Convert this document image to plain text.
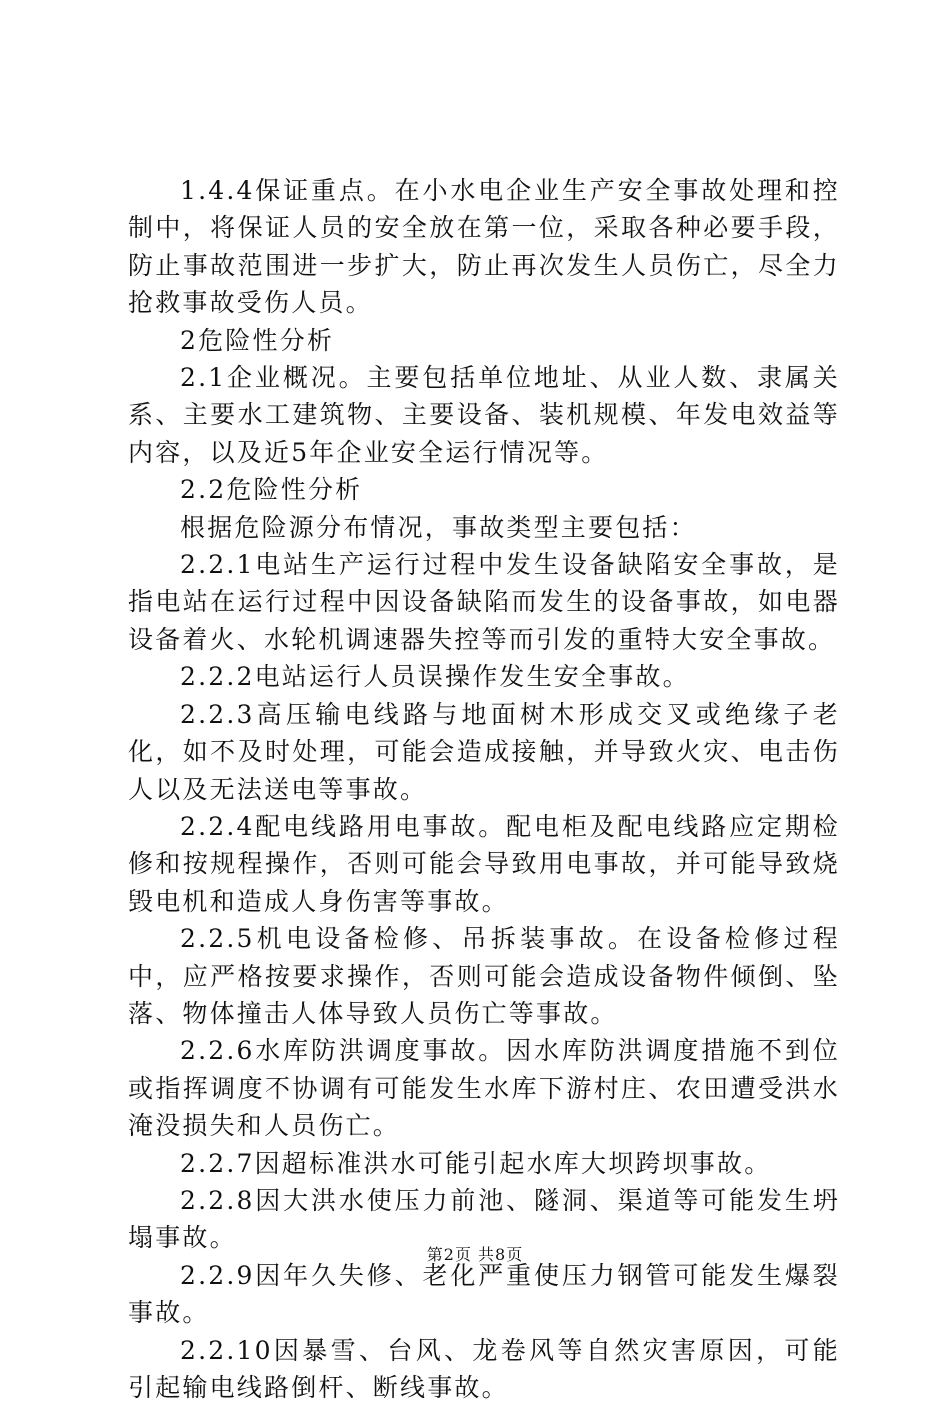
1.4.4保证重点。在小水电企业生产安全事故处理和控制中，将保证人员的安全放在第一位，采取各种必要手段，防止事故范围进一步扩大，防止再次发生人员伤亡，尽全力抢救事故受伤人员。

2危险性分析

2.1企业概况。主要包括单位地址、从业人数、隶属关系、主要水工建筑物、主要设备、装机规模、年发电效益等内容，以及近5年企业安全运行情况等。

2.2危险性分析

根据危险源分布情况，事故类型主要包括：

2.2.1电站生产运行过程中发生设备缺陷安全事故，是指电站在运行过程中因设备缺陷而发生的设备事故，如电器设备着火、水轮机调速器失控等而引发的重特大安全事故。

2.2.2电站运行人员误操作发生安全事故。

2.2.3高压输电线路与地面树木形成交叉或绝缘子老化，如不及时处理，可能会造成接触，并导致火灾、电击伤人以及无法送电等事故。

2.2.4配电线路用电事故。配电柜及配电线路应定期检修和按规程操作，否则可能会导致用电事故，并可能导致烧毁电机和造成人身伤害等事故。

2.2.5机电设备检修、吊拆装事故。在设备检修过程中，应严格按要求操作，否则可能会造成设备物件倾倒、坠落、物体撞击人体导致人员伤亡等事故。

2.2.6水库防洪调度事故。因水库防洪调度措施不到位或指挥调度不协调有可能发生水库下游村庄、农田遭受洪水淹没损失和人员伤亡。

2.2.7因超标准洪水可能引起水库大坝跨坝事故。

2.2.8因大洪水使压力前池、隧洞、渠道等可能发生坍塌事故。

2.2.9因年久失修、老化严重使压力钢管可能发生爆裂事故。

2.2.10因暴雪、台风、龙卷风等自然灾害原因，可能引起输电线路倒杆、断线事故。

第2页 共8页
